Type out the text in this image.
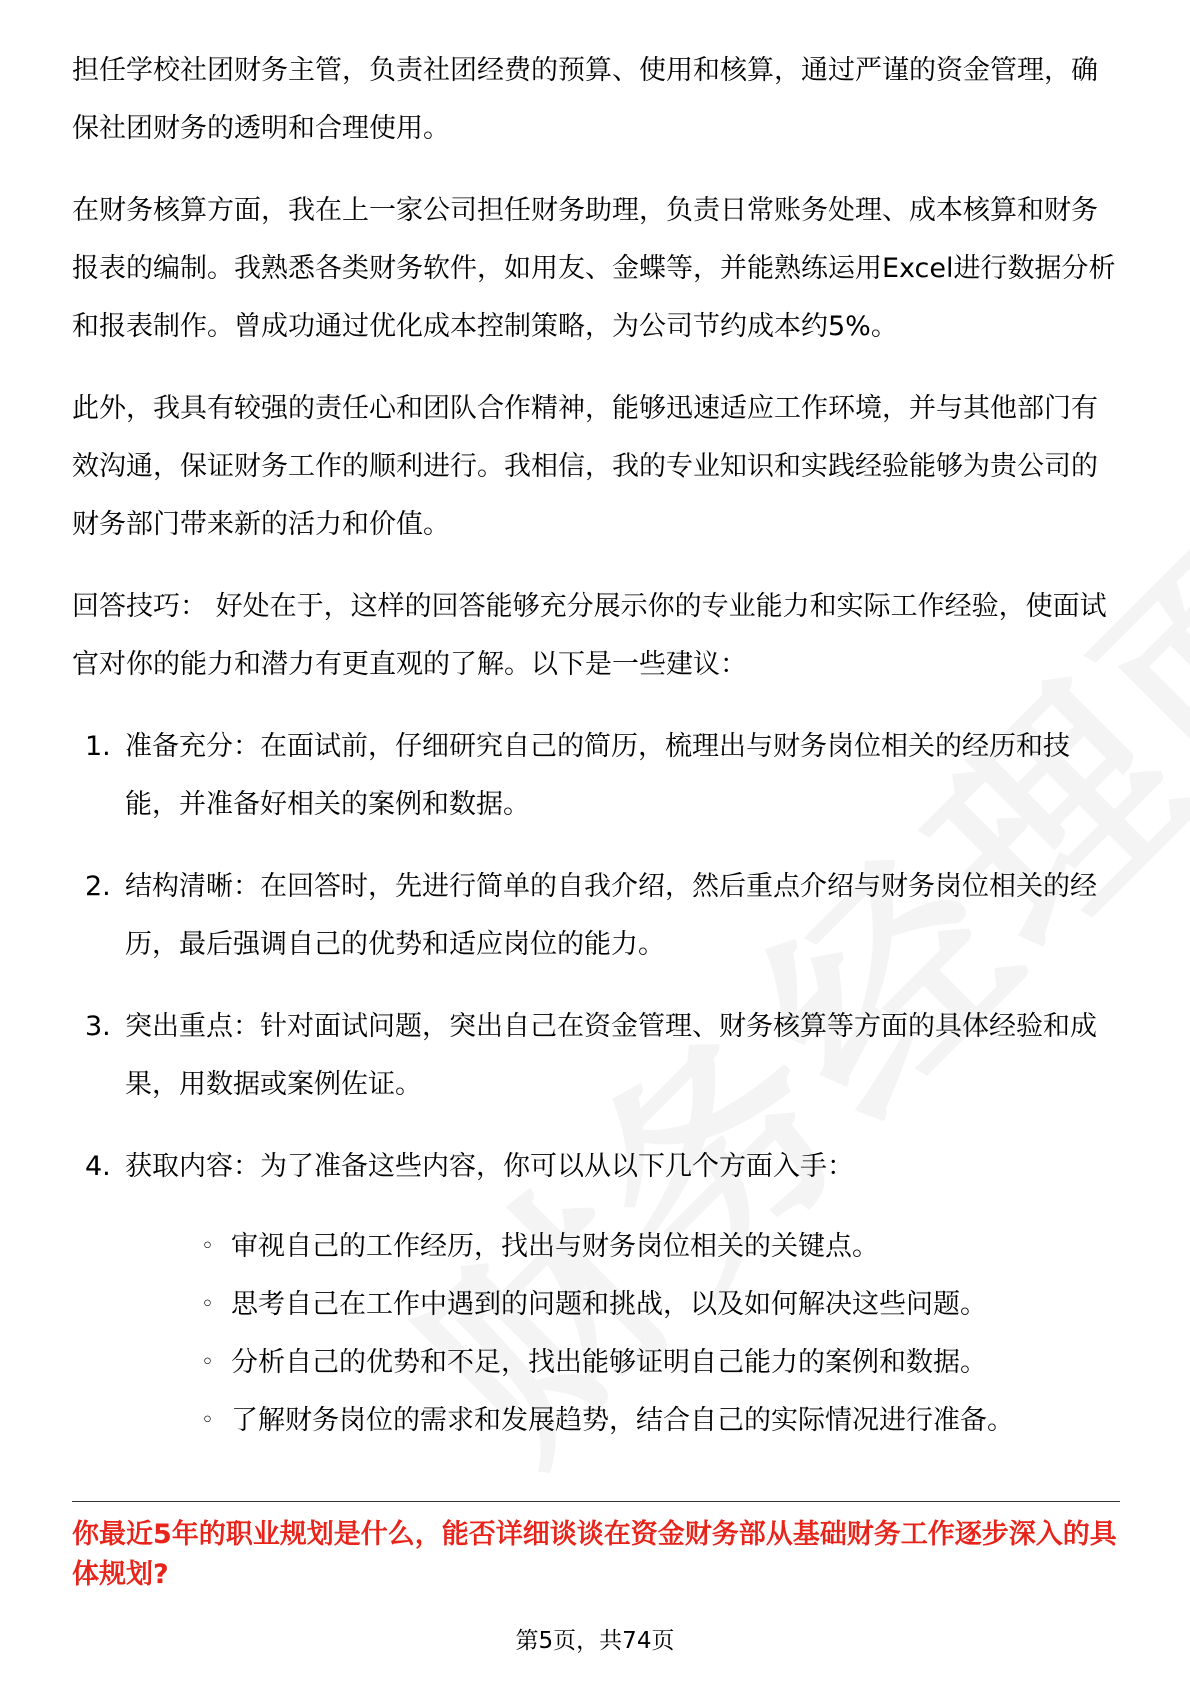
担任学校社团财务主管，负责社团经费的预算、使用和核算，通过严谨的资金管理，确保社团财务的透明和合理使用。

在财务核算方面，我在上一家公司担任财务助理，负责日常账务处理、成本核算和财务报表的编制。我熟悉各类财务软件，如用友、金蝶等，并能熟练运用Excel进行数据分析和报表制作。曾成功通过优化成本控制策略，为公司节约成本约5%。

此外，我具有较强的责任心和团队合作精神，能够迅速适应工作环境，并与其他部门有效沟通，保证财务工作的顺利进行。我相信，我的专业知识和实践经验能够为贵公司的财务部门带来新的活力和价值。

回答技巧： 好处在于，这样的回答能够充分展示你的专业能力和实际工作经验，使面试官对你的能力和潜力有更直观的了解。以下是一些建议：

1. 准备充分：在面试前，仔细研究自己的简历，梳理出与财务岗位相关的经历和技能，并准备好相关的案例和数据。
2. 结构清晰：在回答时，先进行简单的自我介绍，然后重点介绍与财务岗位相关的经历，最后强调自己的优势和适应岗位的能力。
3. 突出重点：针对面试问题，突出自己在资金管理、财务核算等方面的具体经验和成果，用数据或案例佐证。
4. 获取内容：为了准备这些内容，你可以从以下几个方面入手：
◦ 审视自己的工作经历，找出与财务岗位相关的关键点。
◦ 思考自己在工作中遇到的问题和挑战，以及如何解决这些问题。
◦ 分析自己的优势和不足，找出能够证明自己能力的案例和数据。
◦ 了解财务岗位的需求和发展趋势，结合自己的实际情况进行准备。
你最近5年的职业规划是什么，能否详细谈谈在资金财务部从基础财务工作逐步深入的具体规划?
第5页，共74页
